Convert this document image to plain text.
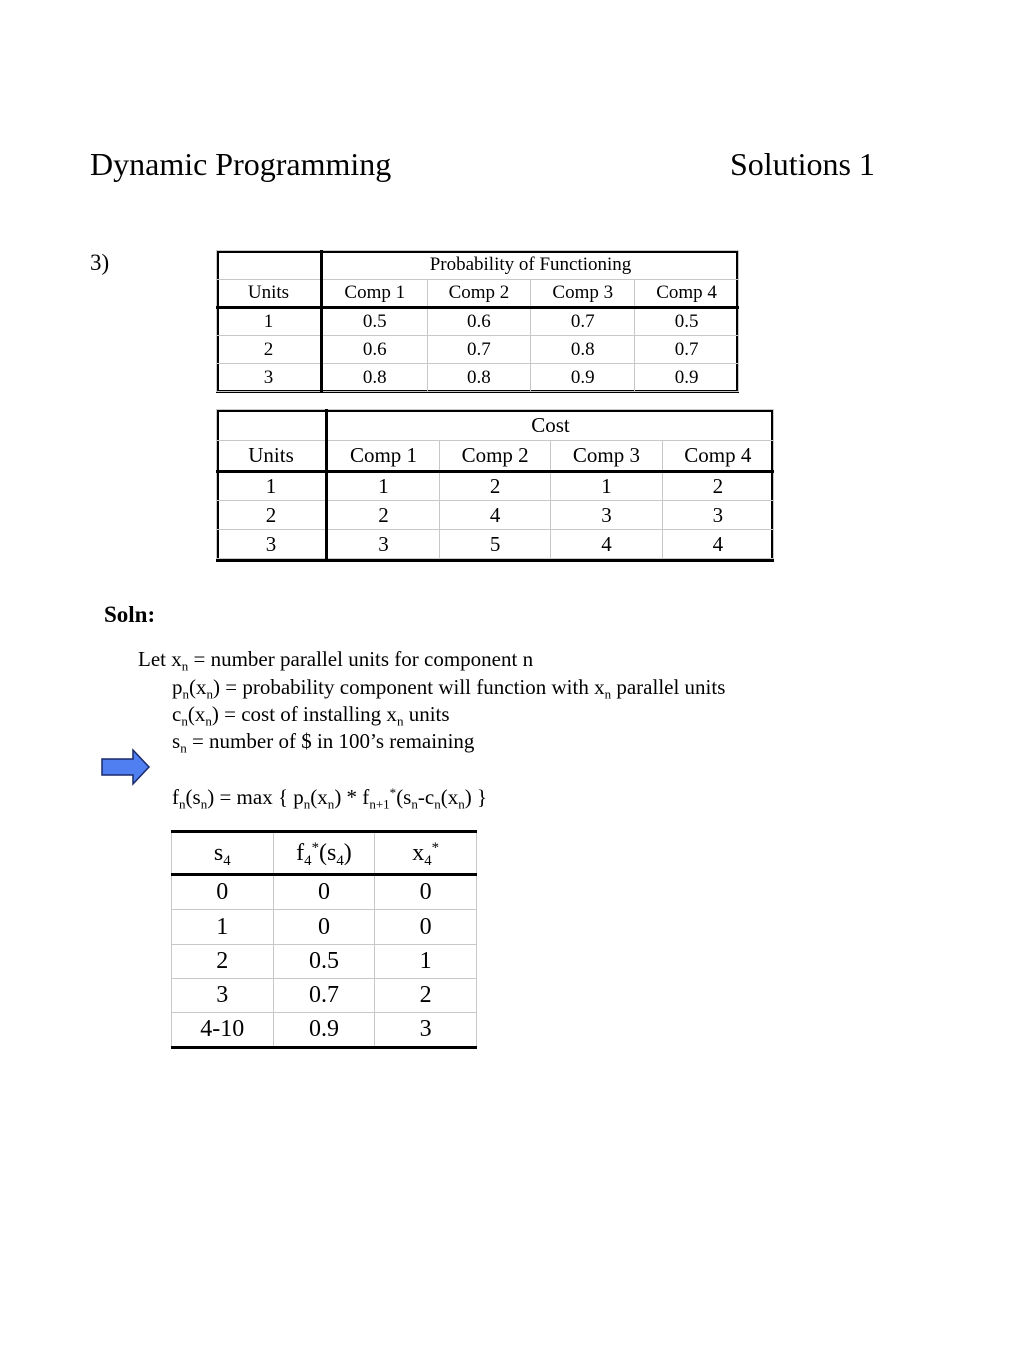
Dynamic Programming	Solutions 1
3)
		Probability of Functioning			
Units	Comp 1	Comp 2	Comp 3	Comp 4
1	0.5	0.6	0.7	0.5
2	0.6	0.7	0.8	0.7
3	0.8	0.8	0.9	0.9
	Cost			
Units	Comp 1	Comp 2	Comp 3	Comp 4
1	1	2	1	2
2	2	4	3	3
3	3	5	4	4
Soln:
Let $x_n$ = number parallel units for component n
$p_n(x_n)$ = probability component will function with $x_n$ parallel units
$c_n(x_n) = \cos t$ of installing $x_n$ units
$s_n$ = number of $ in 100’s remaining
$f_n(s_n) = \max$ { $p_n(x_n) * f_{n+1}^*(s_n-c_n(x_n)$ }
$s_4$	$f_4^*(s_4)$	$x_4^*$
0	0	0
1	0	0
2	0.5	1
3	0.7	2
4-10	0.9	3
